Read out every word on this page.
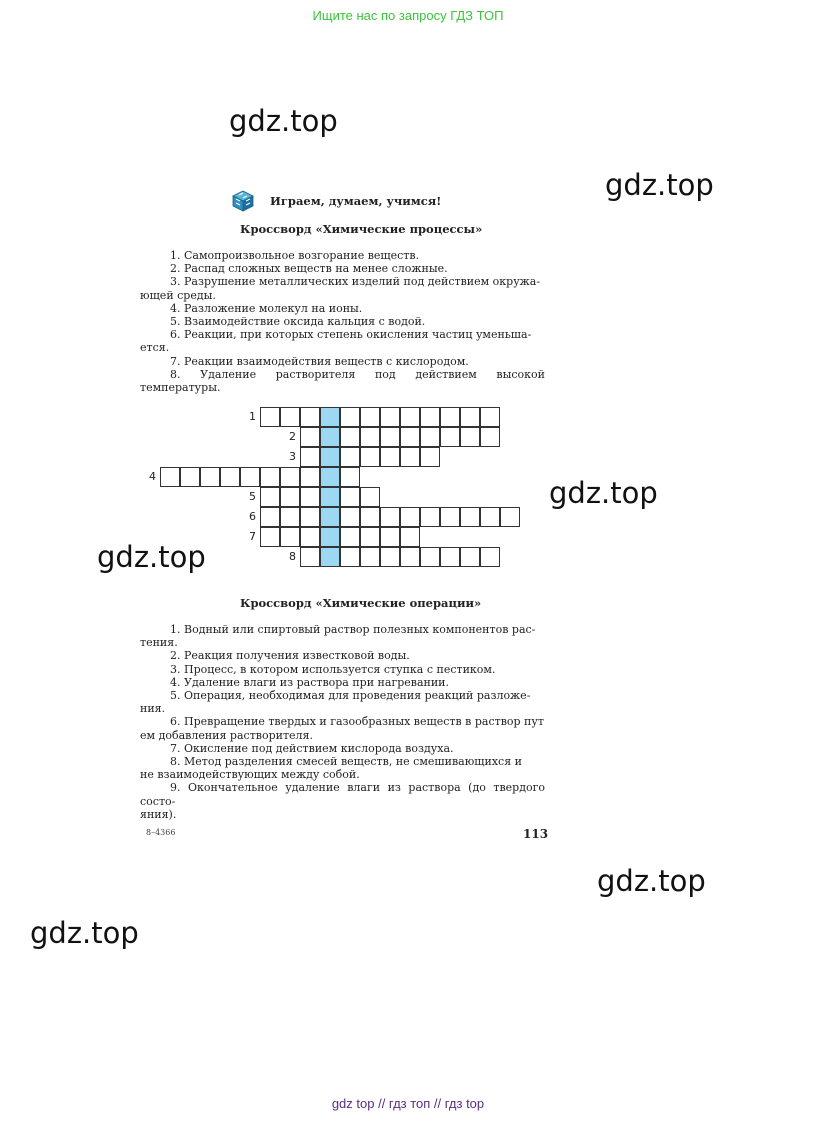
Ищите нас по запросу ГДЗ ТОП
gdz.top
gdz.top
gdz.top
gdz.top
gdz.top
gdz.top
Играем, думаем, учимся!
Кроссворд «Химические процессы»

1. Самопроизвольное возгорание веществ.

2. Распад сложных веществ на менее сложные.

3. Разрушение металлических изделий под действием окружа-

ющей среды.

4. Разложение молекул на ионы.

5. Взаимодействие оксида кальция с водой.

6. Реакции, при которых степень окисления частиц уменьша-

ется.

7. Реакции взаимодействия веществ с кислородом.

8. Удаление растворителя под действием высокой температуры.

1
2
3
4
5
6
7
8
Кроссворд «Химические операции»

1. Водный или спиртовый раствор полезных компонентов рас-

тения.

2. Реакция получения известковой воды.

3. Процесс, в котором используется ступка с пестиком.

4. Удаление влаги из раствора при нагревании.

5. Операция, необходимая для проведения реакций разложе-

ния.

6. Превращение твердых и газообразных веществ в раствор пут

ем добавления растворителя.

7. Окисление под действием кислорода воздуха.

8. Метод разделения смесей веществ, не смешивающихся и

не взаимодействующих между собой.

9. Окончательное удаление влаги из раствора (до твердого состо-

яния).

8–4366	113
gdz top // гдз топ // гдз top
